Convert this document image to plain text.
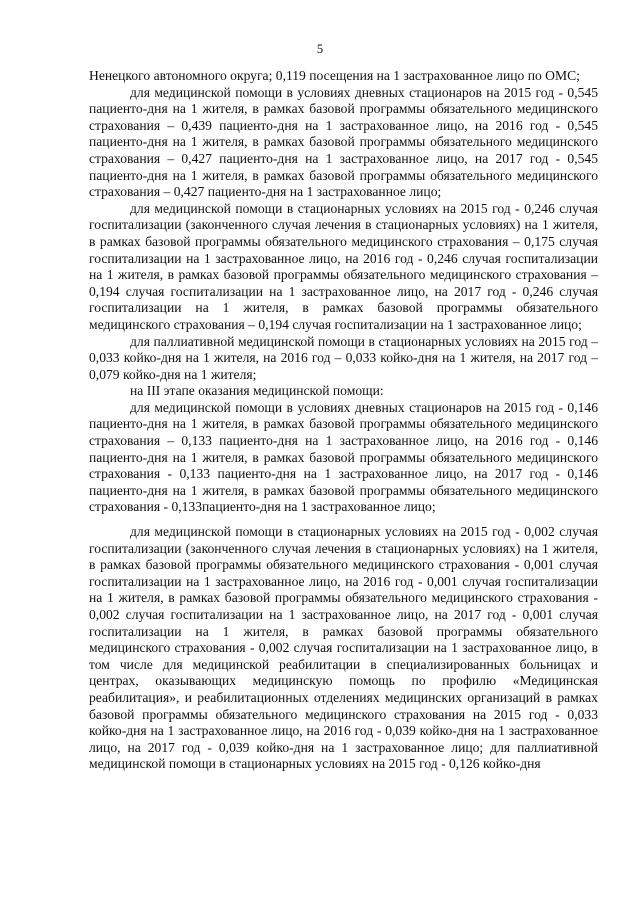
5

Ненецкого автономного округа; 0,119 посещения на 1 застрахованное лицо по ОМС;

для медицинской помощи в условиях дневных стационаров на 2015 год - 0,545 пациенто-дня на 1 жителя, в рамках базовой программы обязательного медицинского страхования – 0,439 пациенто-дня на 1 застрахованное лицо, на 2016 год - 0,545 пациенто-дня на 1 жителя, в рамках базовой программы обязательного медицинского страхования – 0,427 пациенто-дня на 1 застрахованное лицо, на 2017 год - 0,545 пациенто-дня на 1 жителя, в рамках базовой программы обязательного медицинского страхования – 0,427 пациенто-дня на 1 застрахованное лицо;

для медицинской помощи в стационарных условиях на 2015 год - 0,246 случая госпитализации (законченного случая лечения в стационарных условиях) на 1 жителя, в рамках базовой программы обязательного медицинского страхования – 0,175 случая госпитализации на 1 застрахованное лицо, на 2016 год - 0,246 случая госпитализации на 1 жителя, в рамках базовой программы обязательного медицинского страхования – 0,194 случая госпитализации на 1 застрахованное лицо, на 2017 год - 0,246 случая госпитализации на 1 жителя, в рамках базовой программы обязательного медицинского страхования – 0,194 случая госпитализации на 1 застрахованное лицо;

для паллиативной медицинской помощи в стационарных условиях на 2015 год – 0,033 койко-дня на 1 жителя, на 2016 год – 0,033 койко-дня на 1 жителя, на 2017 год – 0,079 койко-дня на 1 жителя;

на III этапе оказания медицинской помощи:

для медицинской помощи в условиях дневных стационаров на 2015 год - 0,146 пациенто-дня на 1 жителя, в рамках базовой программы обязательного медицинского страхования – 0,133 пациенто-дня на 1 застрахованное лицо, на 2016 год - 0,146 пациенто-дня на 1 жителя, в рамках базовой программы обязательного медицинского страхования - 0,133 пациенто-дня на 1 застрахованное лицо, на 2017 год - 0,146 пациенто-дня на 1 жителя, в рамках базовой программы обязательного медицинского страхования - 0,133пациенто-дня на 1 застрахованное лицо;

для медицинской помощи в стационарных условиях на 2015 год - 0,002 случая госпитализации (законченного случая лечения в стационарных условиях) на 1 жителя, в рамках базовой программы обязательного медицинского страхования - 0,001 случая госпитализации на 1 застрахованное лицо, на 2016 год - 0,001 случая госпитализации на 1 жителя, в рамках базовой программы обязательного медицинского страхования - 0,002 случая госпитализации на 1 застрахованное лицо, на 2017 год - 0,001 случая госпитализации на 1 жителя, в рамках базовой программы обязательного медицинского страхования - 0,002 случая госпитализации на 1 застрахованное лицо, в том числе для медицинской реабилитации в специализированных больницах и центрах, оказывающих медицинскую помощь по профилю «Медицинская реабилитация», и реабилитационных отделениях медицинских организаций в рамках базовой программы обязательного медицинского страхования на 2015 год - 0,033 койко-дня на 1 застрахованное лицо, на 2016 год - 0,039 койко-дня на 1 застрахованное лицо, на 2017 год - 0,039 койко-дня на 1 застрахованное лицо; для паллиативной медицинской помощи в стационарных условиях на 2015 год - 0,126 койко-дня
